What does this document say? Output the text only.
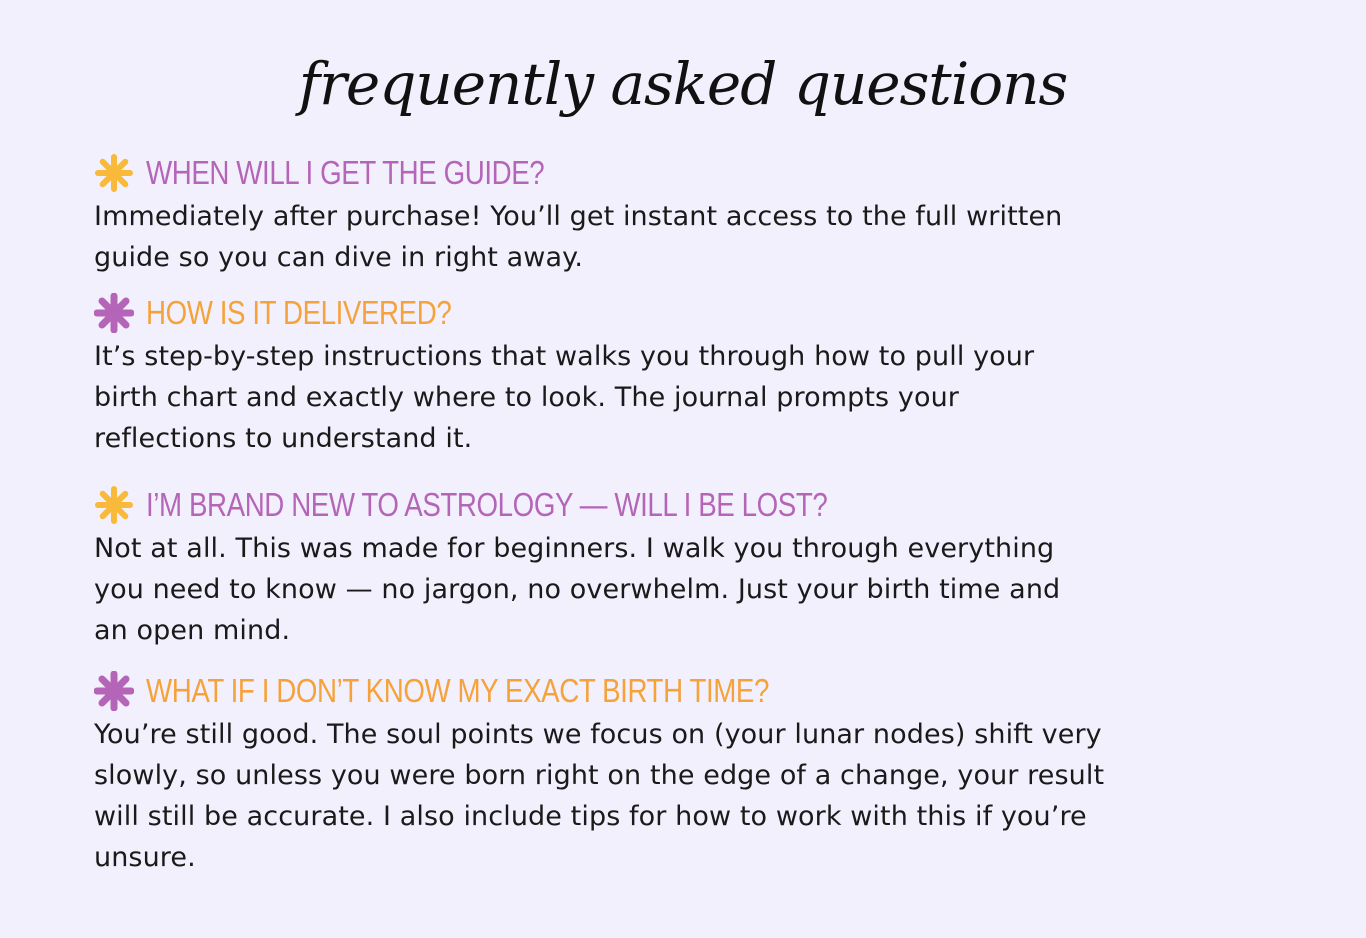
frequently asked questions
WHEN WILL I GET THE GUIDE?

Immediately after purchase! You’ll get instant access to the full written
guide so you can dive in right away.

HOW IS IT DELIVERED?

It’s step-by-step instructions that walks you through how to pull your
birth chart and exactly where to look. The journal prompts your
reflections to understand it.

I’M BRAND NEW TO ASTROLOGY — WILL I BE LOST?

Not at all. This was made for beginners. I walk you through everything
you need to know — no jargon, no overwhelm. Just your birth time and
an open mind.

WHAT IF I DON’T KNOW MY EXACT BIRTH TIME?

You’re still good. The soul points we focus on (your lunar nodes) shift very
slowly, so unless you were born right on the edge of a change, your result
will still be accurate. I also include tips for how to work with this if you’re
unsure.
